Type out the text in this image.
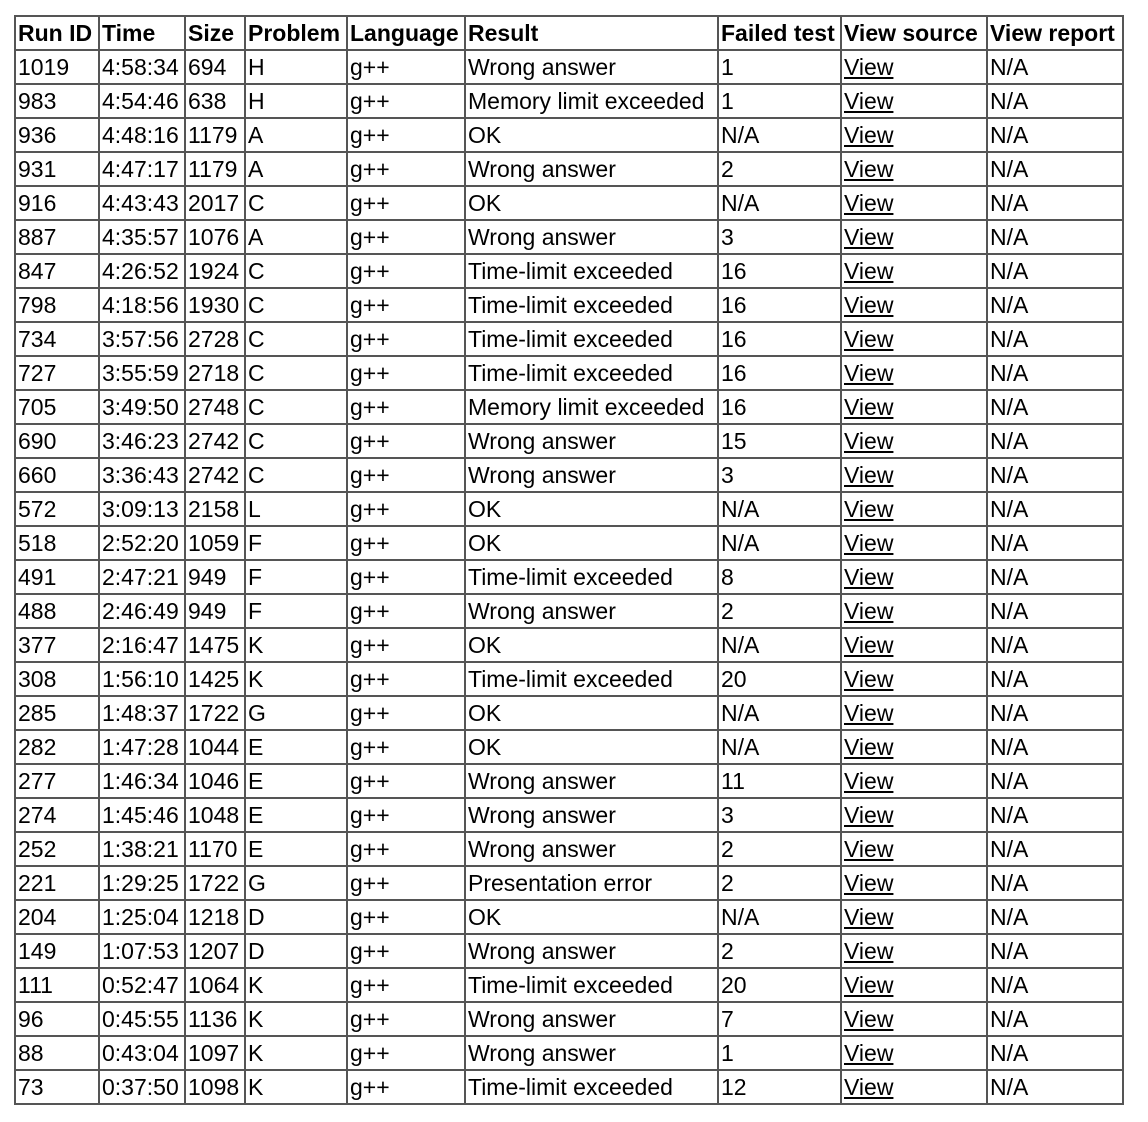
Run ID	Time	Size	Problem	Language	Result	Failed test	View source	View report
1019	4:58:34	694	H	g++	Wrong answer	1	View	N/A
983	4:54:46	638	H	g++	Memory limit exceeded	1	View	N/A
936	4:48:16	1179	A	g++	OK	N/A	View	N/A
931	4:47:17	1179	A	g++	Wrong answer	2	View	N/A
916	4:43:43	2017	C	g++	OK	N/A	View	N/A
887	4:35:57	1076	A	g++	Wrong answer	3	View	N/A
847	4:26:52	1924	C	g++	Time-limit exceeded	16	View	N/A
798	4:18:56	1930	C	g++	Time-limit exceeded	16	View	N/A
734	3:57:56	2728	C	g++	Time-limit exceeded	16	View	N/A
727	3:55:59	2718	C	g++	Time-limit exceeded	16	View	N/A
705	3:49:50	2748	C	g++	Memory limit exceeded	16	View	N/A
690	3:46:23	2742	C	g++	Wrong answer	15	View	N/A
660	3:36:43	2742	C	g++	Wrong answer	3	View	N/A
572	3:09:13	2158	L	g++	OK	N/A	View	N/A
518	2:52:20	1059	F	g++	OK	N/A	View	N/A
491	2:47:21	949	F	g++	Time-limit exceeded	8	View	N/A
488	2:46:49	949	F	g++	Wrong answer	2	View	N/A
377	2:16:47	1475	K	g++	OK	N/A	View	N/A
308	1:56:10	1425	K	g++	Time-limit exceeded	20	View	N/A
285	1:48:37	1722	G	g++	OK	N/A	View	N/A
282	1:47:28	1044	E	g++	OK	N/A	View	N/A
277	1:46:34	1046	E	g++	Wrong answer	11	View	N/A
274	1:45:46	1048	E	g++	Wrong answer	3	View	N/A
252	1:38:21	1170	E	g++	Wrong answer	2	View	N/A
221	1:29:25	1722	G	g++	Presentation error	2	View	N/A
204	1:25:04	1218	D	g++	OK	N/A	View	N/A
149	1:07:53	1207	D	g++	Wrong answer	2	View	N/A
111	0:52:47	1064	K	g++	Time-limit exceeded	20	View	N/A
96	0:45:55	1136	K	g++	Wrong answer	7	View	N/A
88	0:43:04	1097	K	g++	Wrong answer	1	View	N/A
73	0:37:50	1098	K	g++	Time-limit exceeded	12	View	N/A
